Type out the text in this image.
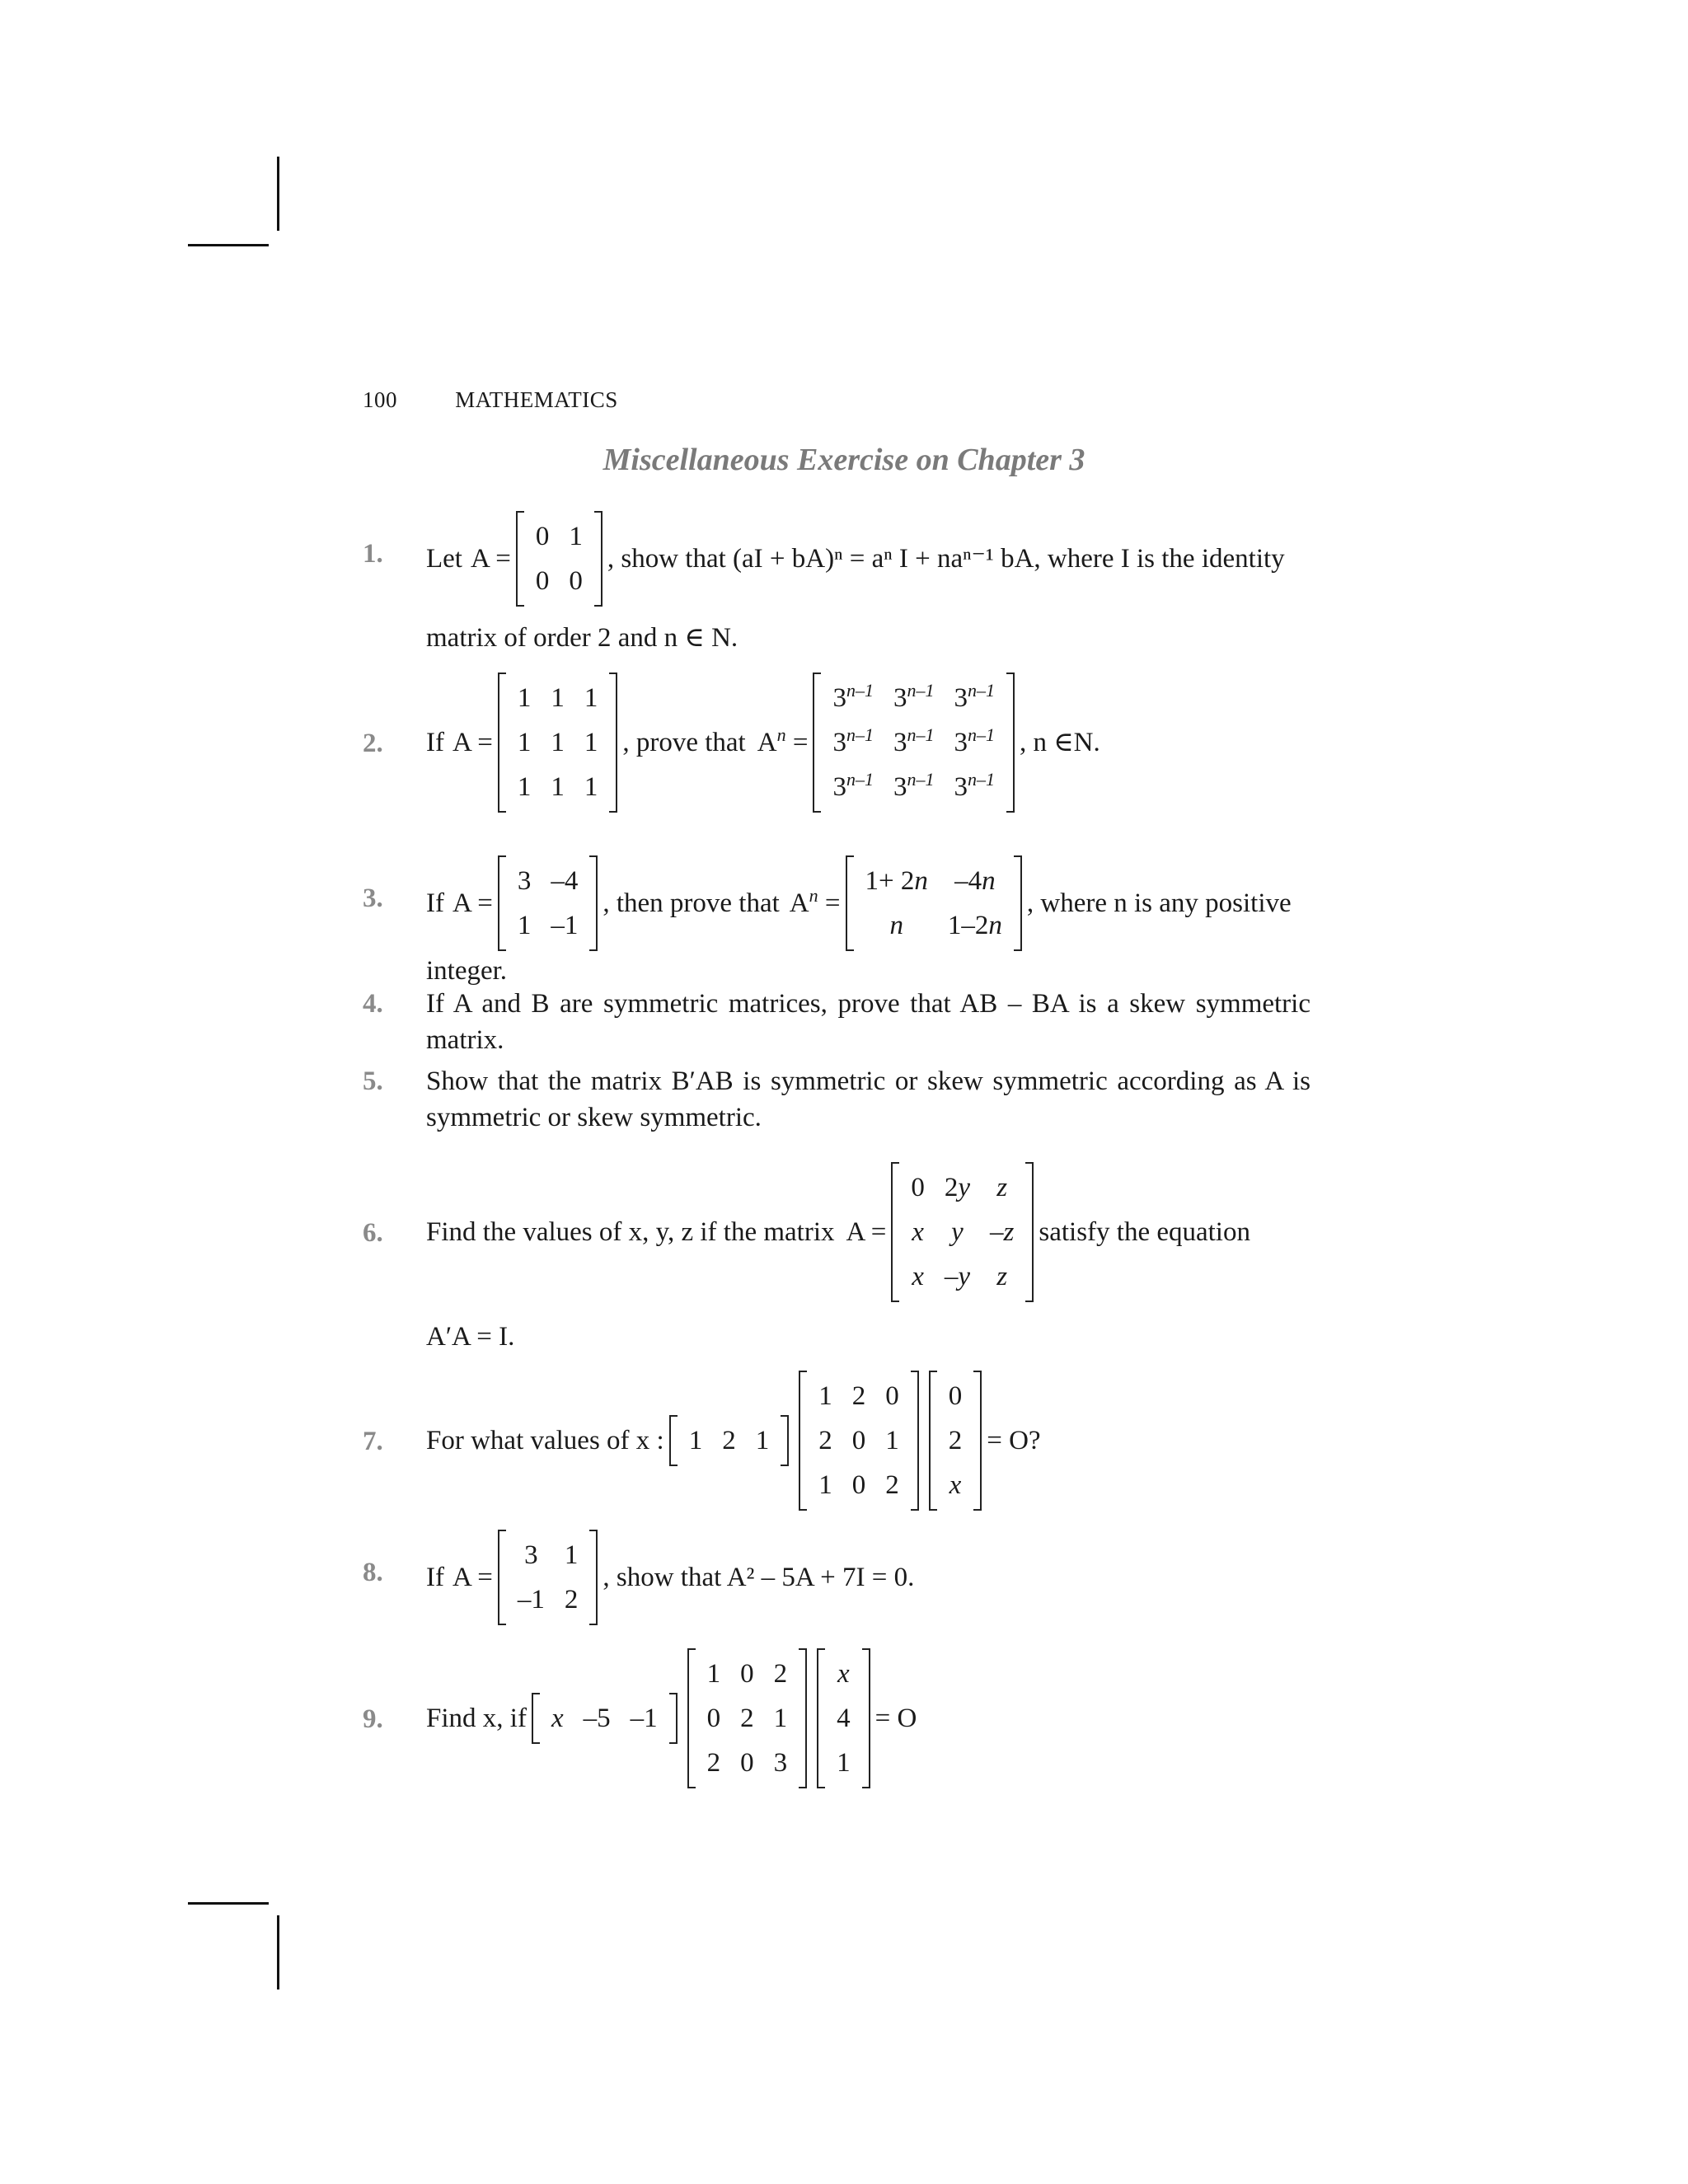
100	MATHEMATICS
Miscellaneous Exercise on Chapter 3
1. Let A =
0	1
0	0
, show that (aI + bA)ⁿ = aⁿ I + naⁿ⁻¹ bA, where I is the identity
matrix of order 2 and n ∈ N.
2. If A =
1	1	1
1	1	1
1	1	1
, prove that $A^n$ =
$3^{n-1}$	3$^{n-1}$	3$^{n-1}$
3$^{n-1}$	3$^{n-1}$	3$^{n-1}$
3$^{n-1}$	3$^{n-1}$	3$^{n-1}$
, n ∈N.
3. If A =
3	–4
1	–1
, then prove that $A^n$ =
1+ 2n	–4n
n	1–2n
, where n is any positive
integer.
4. If A and B are symmetric matrices, prove that AB – BA is a skew symmetric matrix.
5. Show that the matrix B′AB is symmetric or skew symmetric according as A is symmetric or skew symmetric.
6. Find the values of x, y, z if the matrix A =
0	2y	z
x	y	–z
x	–y	z
satisfy the equation
A′A = I.
7. For what values of x : 1	2	1
1	2	0
2	0	1
1	0	2
0
2
x
= O?
8. If A =
3	1
–1	2
, show that A² – 5A + 7I = 0.
9. Find x, if x	–5	–1
1	0	2
0	2	1
2	0	3
x
4
1
= O
